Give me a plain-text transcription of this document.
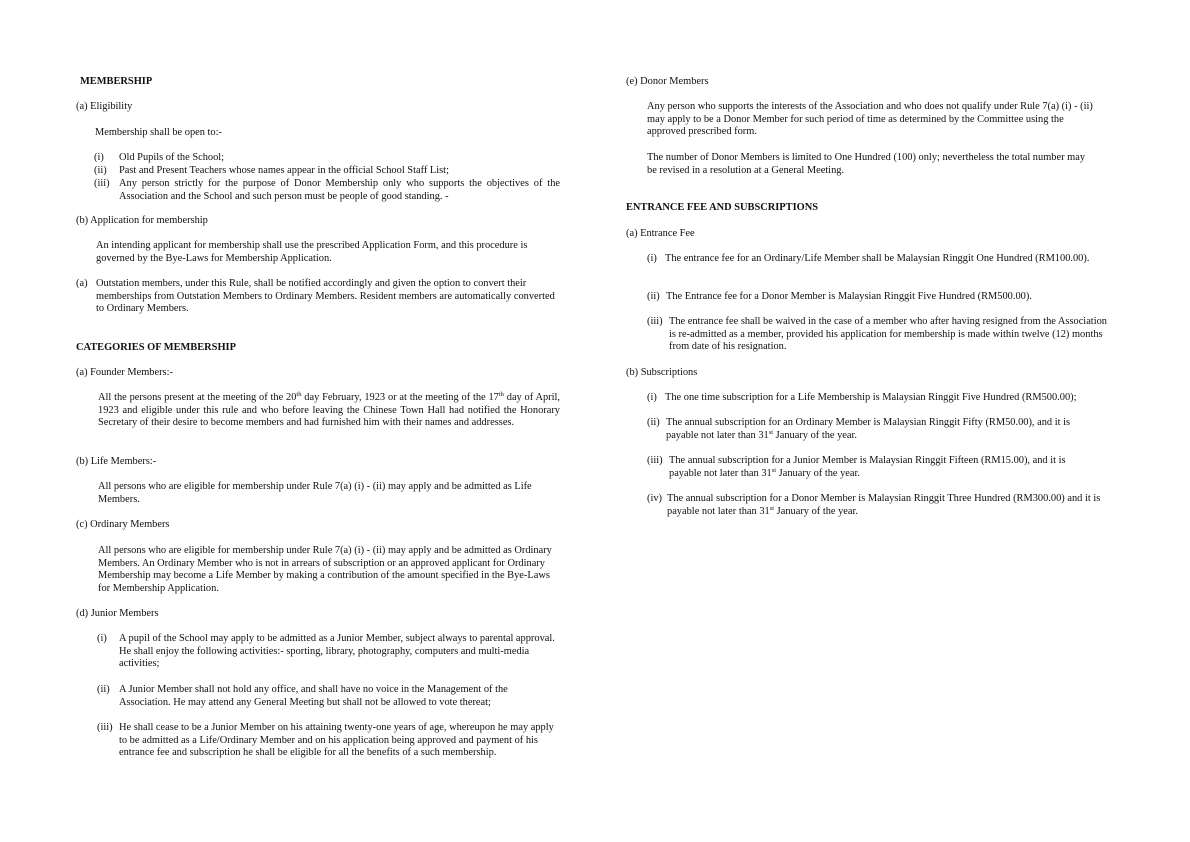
MEMBERSHIP
(a) Eligibility
Membership shall be open to:-
(i) Old Pupils of the School;
(ii) Past and Present Teachers whose names appear in the official School Staff List;
(iii) Any person strictly for the purpose of Donor Membership only who supports the objectives of the Association and the School and such person must be people of good standing. -
(b) Application for membership
An intending applicant for membership shall use the prescribed Application Form, and this procedure is governed by the Bye-Laws for Membership Application.
(a) Outstation members, under this Rule, shall be notified accordingly and given the option to convert their memberships from Outstation Members to Ordinary Members. Resident members are automatically converted to Ordinary Members.
CATEGORIES OF MEMBERSHIP
(a) Founder Members:-
All the persons present at the meeting of the 20th day February, 1923 or at the meeting of the 17th day of April, 1923 and eligible under this rule and who before leaving the Chinese Town Hall had notified the Honorary Secretary of their desire to become members and had furnished him with their names and addresses.
(b) Life Members:-
All persons who are eligible for membership under Rule 7(a) (i) - (ii) may apply and be admitted as Life Members.
(c) Ordinary Members
All persons who are eligible for membership under Rule 7(a) (i) - (ii) may apply and be admitted as Ordinary Members. An Ordinary Member who is not in arrears of subscription or an approved applicant for Ordinary Membership may become a Life Member by making a contribution of the amount specified in the Bye-Laws for Membership Application.
(d) Junior Members
(i) A pupil of the School may apply to be admitted as a Junior Member, subject always to parental approval. He shall enjoy the following activities:- sporting, library, photography, computers and multi-media activities;
(ii) A Junior Member shall not hold any office, and shall have no voice in the Management of the Association. He may attend any General Meeting but shall not be allowed to vote thereat;
(iii) He shall cease to be a Junior Member on his attaining twenty-one years of age, whereupon he may apply to be admitted as a Life/Ordinary Member and on his application being approved and payment of his entrance fee and subscription he shall be eligible for all the benefits of a such membership.
(e) Donor Members
Any person who supports the interests of the Association and who does not qualify under Rule 7(a) (i) - (ii) may apply to be a Donor Member for such period of time as determined by the Committee using the approved prescribed form.
The number of Donor Members is limited to One Hundred (100) only; nevertheless the total number may be revised in a resolution at a General Meeting.
ENTRANCE FEE AND SUBSCRIPTIONS
(a) Entrance Fee
(i) The entrance fee for an Ordinary/Life Member shall be Malaysian Ringgit One Hundred (RM100.00).
(ii) The Entrance fee for a Donor Member is Malaysian Ringgit Five Hundred (RM500.00).
(iii) The entrance fee shall be waived in the case of a member who after having resigned from the Association is re-admitted as a member, provided his application for membership is made within twelve (12) months from date of his resignation.
(b) Subscriptions
(i) The one time subscription for a Life Membership is Malaysian Ringgit Five Hundred (RM500.00);
(ii) The annual subscription for an Ordinary Member is Malaysian Ringgit Fifty (RM50.00), and it is payable not later than 31st January of the year.
(iii) The annual subscription for a Junior Member is Malaysian Ringgit Fifteen (RM15.00), and it is payable not later than 31st January of the year.
(iv) The annual subscription for a Donor Member is Malaysian Ringgit Three Hundred (RM300.00) and it is payable not later than 31st January of the year.
